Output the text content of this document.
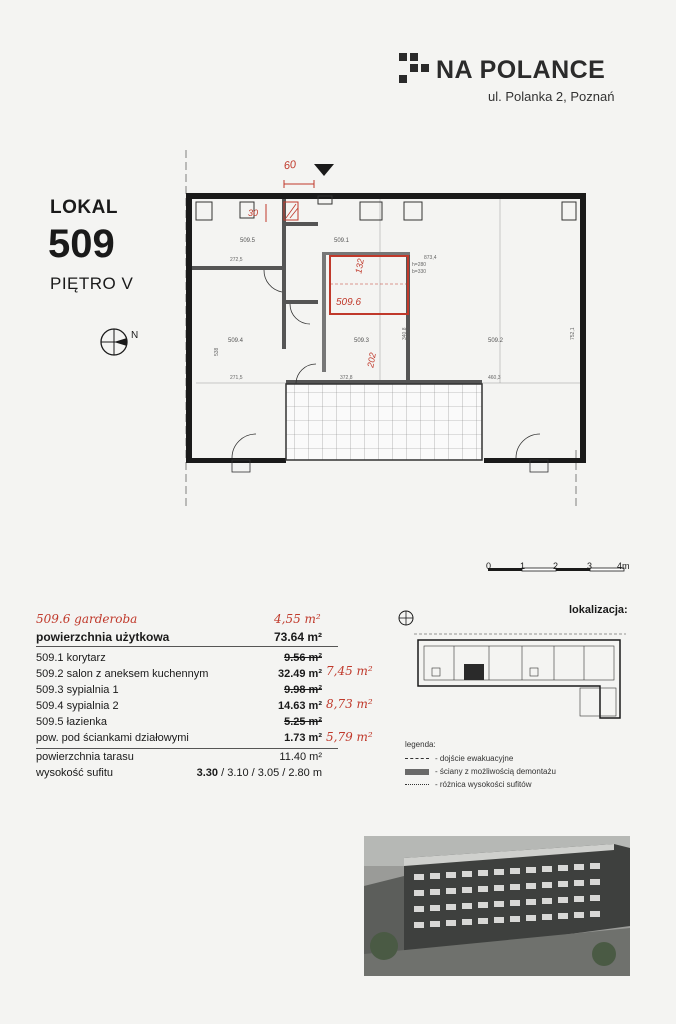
NA POLANCE
ul. Polanka 2, Poznań
LOKAL
509
PIĘTRO V
509.5	509.1
509.4	509.3	509.2
60
30
509.6
132
202
272,5
271,5	372,8	460,3
873,4
h=280
b=330
538
340,8	752,1
N
0	1	2	3	4m
509.6 garderoba	4,55 m²
powierzchnia użytkowa	73.64 m²
509.1 korytarz	9.56 m²
509.2 salon z aneksem kuchennym	32.49 m²
509.3 sypialnia 1	9.98 m²
509.4 sypialnia 2	14.63 m²
509.5 łazienka	5.25 m²
pow. pod ściankami działowymi	1.73 m²
powierzchnia tarasu	11.40 m²
wysokość sufitu	3.30 / 3.10 / 3.05 / 2.80 m
7,45 m²
8,73 m²
5,79 m²
lokalizacja:
legenda:
- dojście ewakuacyjne
- ściany z możliwością demontażu
- różnica wysokości sufitów
